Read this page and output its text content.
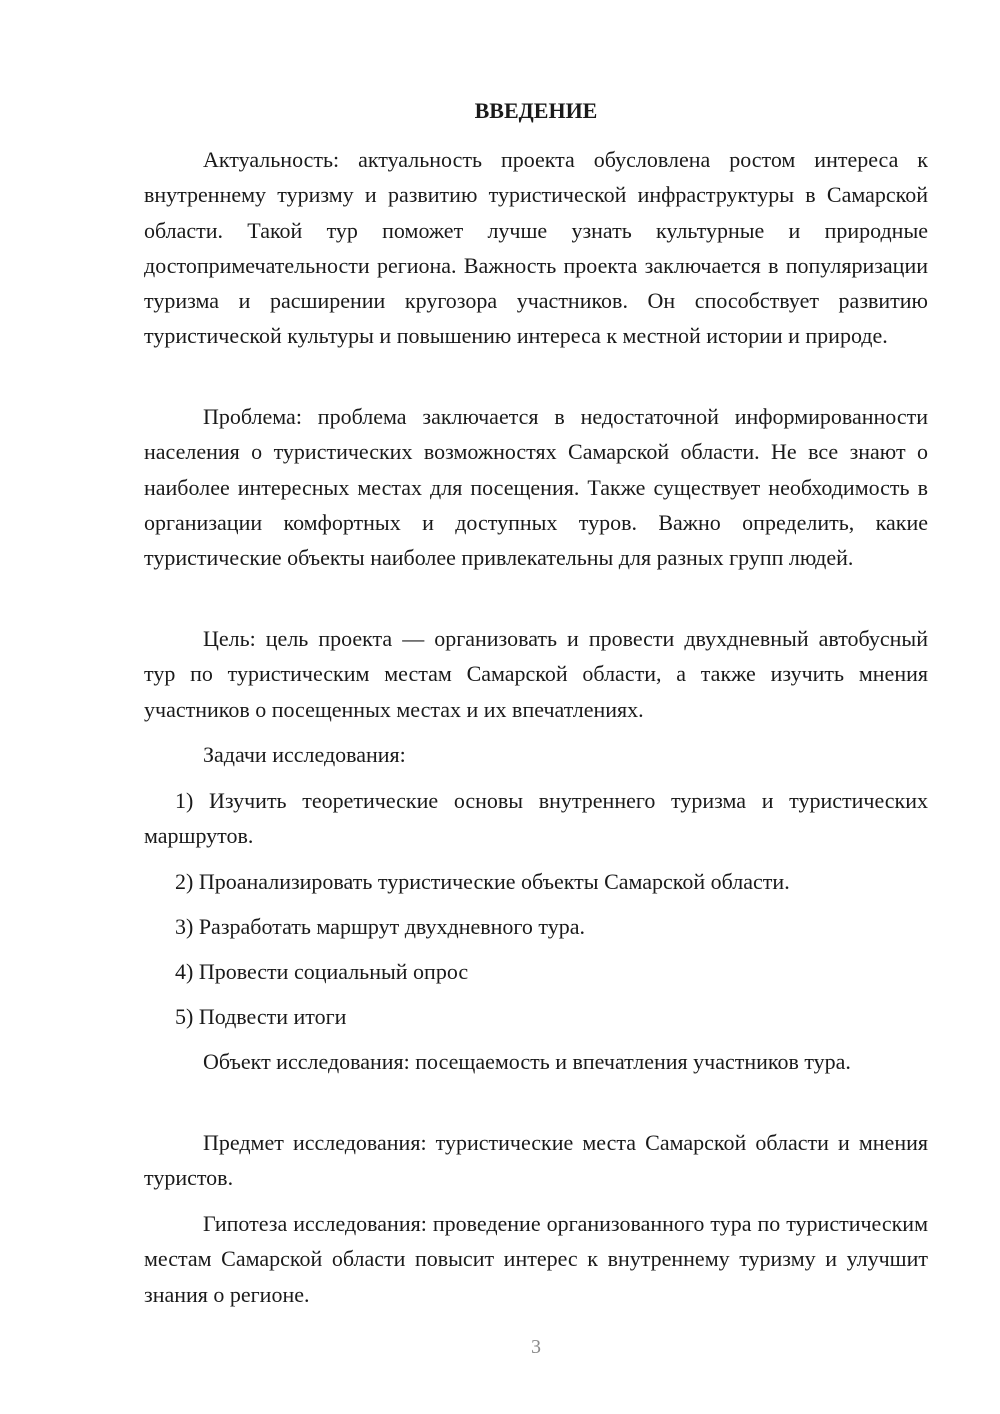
ВВЕДЕНИЕ
Актуальность: актуальность проекта обусловлена ростом интереса к внутреннему туризму и развитию туристической инфраструктуры в Самарской области. Такой тур поможет лучше узнать культурные и природные достопримечательности региона. Важность проекта заключается в популяризации туризма и расширении кругозора участников. Он способствует развитию туристической культуры и повышению интереса к местной истории и природе.
Проблема: проблема заключается в недостаточной информированности населения о туристических возможностях Самарской области. Не все знают о наиболее интересных местах для посещения. Также существует необходимость в организации комфортных и доступных туров. Важно определить, какие туристические объекты наиболее привлекательны для разных групп людей.
Цель: цель проекта — организовать и провести двухдневный автобусный тур по туристическим местам Самарской области, а также изучить мнения участников о посещенных местах и их впечатлениях.
Задачи исследования:
1) Изучить теоретические основы внутреннего туризма и туристических маршрутов.
2) Проанализировать туристические объекты Самарской области.
3) Разработать маршрут двухдневного тура.
4) Провести социальный опрос
5) Подвести итоги
Объект исследования: посещаемость и впечатления участников тура.
Предмет исследования: туристические места Самарской области и мнения туристов.
Гипотеза исследования: проведение организованного тура по туристическим местам Самарской области повысит интерес к внутреннему туризму и улучшит знания о регионе.
3
